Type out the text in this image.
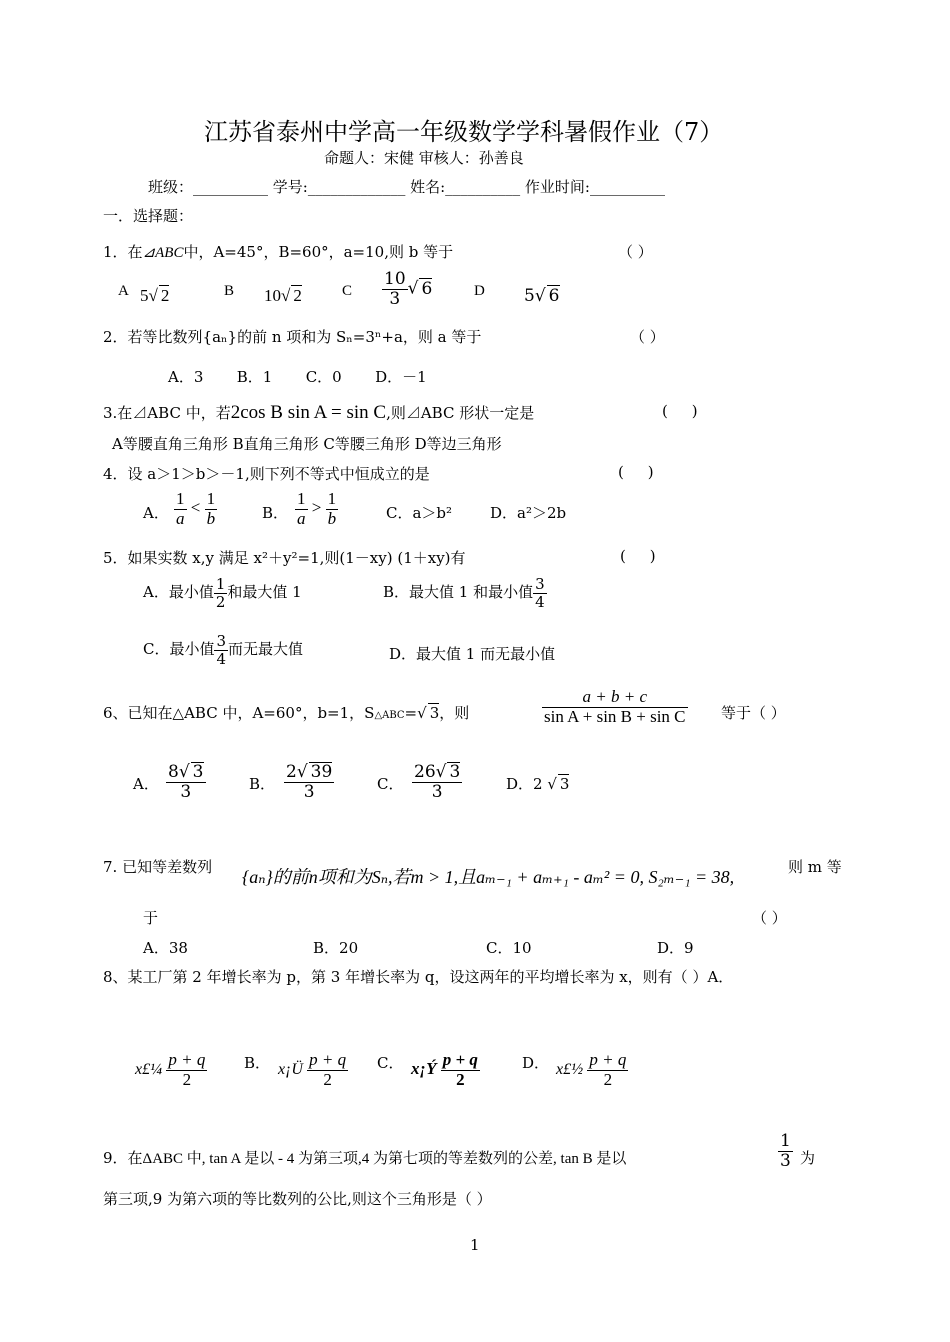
江苏省泰州中学高一年级数学学科暑假作业（7）
命题人：宋健 审核人：孙善良
班级：__________ 学号:_____________ 姓名:__________ 作业时间:__________
一．选择题：
1．在⊿ABC中，A=45°，B=60°，a=10,则 b 等于	（ ）
A 5√ 2	B 10√ 2	C $\frac{10}{3}$ √ 6	D 5√ 6
2．若等比数列{aₙ}的前 n 项和为 Sₙ=3ⁿ+a，则 a 等于	（ ）
A．3       B．1       C．0       D．－1
3.在⊿ABC 中，若2cos B sin A = sin C,则⊿ABC 形状一定是	(     )
A等腰直角三角形 B直角三角形 C等腰三角形 D等边三角形
4．设 a＞1＞b＞－1,则下列不等式中恒成立的是	(     )
A． $\frac{1}{a} < \frac{1}{b}$	B． $\frac{1}{a} > \frac{1}{b}$	C．a＞b²	D．a²＞2b
5．如果实数 x,y 满足 x²＋y²=1,则(1－xy) (1＋xy)有	(     )
A．最小值 $\frac{1}{2}$ 和最大值 1	B．最大值 1 和最小值 $\frac{3}{4}$
C．最小值 $\frac{3}{4}$ 而无最大值	D．最大值 1 而无最小值
6、已知在△ABC 中，A=60°，b=1，S△ABC=√ 3，则	$\frac{a + b + c}{\text{sin A + sin B + sin C}}$ 等于（ ）
A． $\frac{8√ 3}{3}$	B． $\frac{2√ 39}{3}$	C． $\frac{26√ 3}{3}$	D．2 √ 3
7. 已知等差数列 {aₙ}的前n项和为Sₙ,若m > 1,且aₘ₋₁ + aₘ₊₁ - aₘ² = 0, S₂ₘ₋₁ = 38,	则 m 等
于	（ ）
A．38	B．20	C．10	D．9
8、某工厂第 2 年增长率为 p，第 3 年增长率为 q，设这两年的平均增长率为 x，则有（ ）A．
x£¼ $\frac{p + q}{2}$ B． x¡Ü $\frac{p + q}{2}$ C． x¡Ý $\frac{p + q}{2}$	D． x£½ $\frac{p + q}{2}$
9．在ΔABC 中, tan A 是以 - 4 为第三项,4 为第七项的等差数列的公差, tan B 是以	$\frac{1}{3}$ 为
第三项,9 为第六项的等比数列的公比,则这个三角形是（ ）
1
